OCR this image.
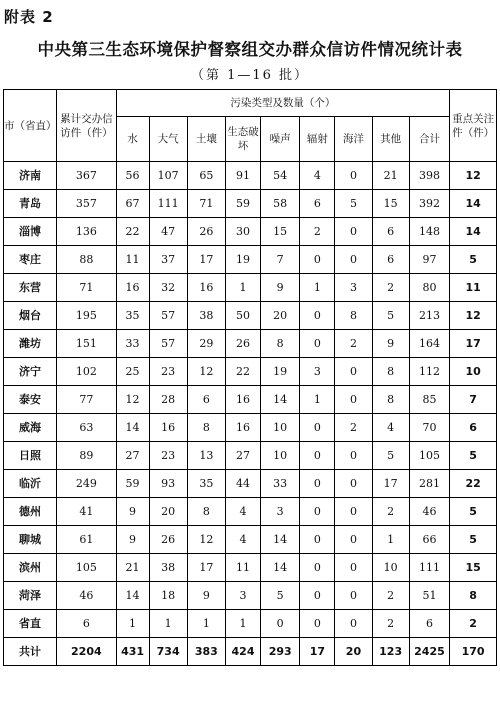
附表 2
中央第三生态环境保护督察组交办群众信访件情况统计表
（第 1—16 批）
市（省直）	累计交办信访件（件）	污染类型及数量（个）									重点关注件（件）
		水	大气	土壤	生态破坏	噪声	辐射	海洋	其他	合计	
济南	367	56	107	65	91	54	4	0	21	398	12
青岛	357	67	111	71	59	58	6	5	15	392	14
淄博	136	22	47	26	30	15	2	0	6	148	14
枣庄	88	11	37	17	19	7	0	0	6	97	5
东营	71	16	32	16	1	9	1	3	2	80	11
烟台	195	35	57	38	50	20	0	8	5	213	12
潍坊	151	33	57	29	26	8	0	2	9	164	17
济宁	102	25	23	12	22	19	3	0	8	112	10
泰安	77	12	28	6	16	14	1	0	8	85	7
威海	63	14	16	8	16	10	0	2	4	70	6
日照	89	27	23	13	27	10	0	0	5	105	5
临沂	249	59	93	35	44	33	0	0	17	281	22
德州	41	9	20	8	4	3	0	0	2	46	5
聊城	61	9	26	12	4	14	0	0	1	66	5
滨州	105	21	38	17	11	14	0	0	10	111	15
菏泽	46	14	18	9	3	5	0	0	2	51	8
省直	6	1	1	1	1	0	0	0	2	6	2
共计	2204	431	734	383	424	293	17	20	123	2425	170
